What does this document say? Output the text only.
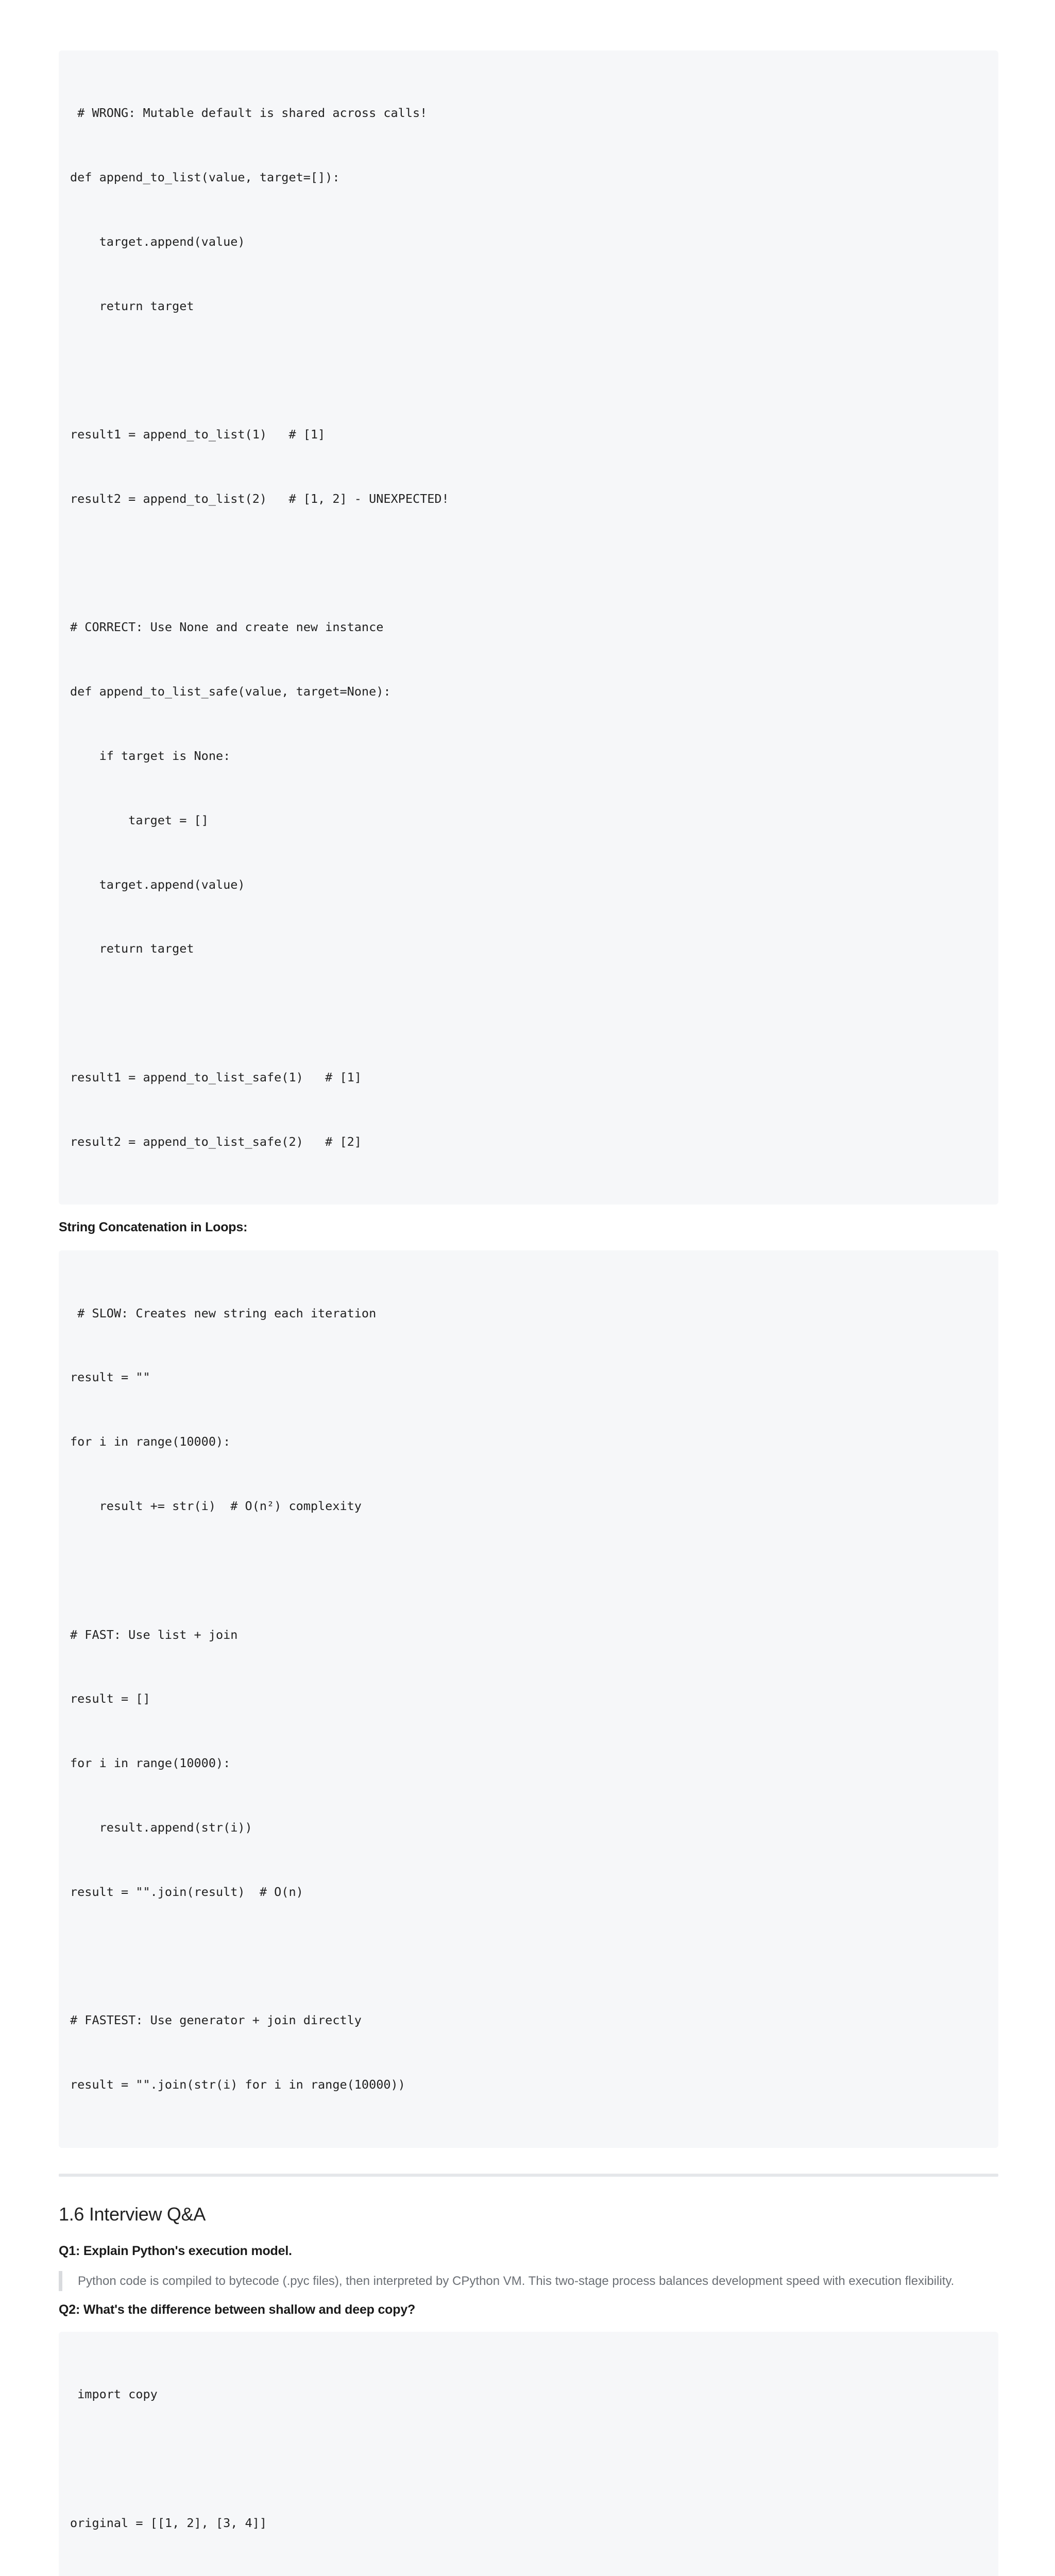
# WRONG: Mutable default is shared across calls!

def append_to_list(value, target=[]):

target.append(value)

return target

result1 = append_to_list(1)   # [1]

result2 = append_to_list(2)   # [1, 2] - UNEXPECTED!

# CORRECT: Use None and create new instance

def append_to_list_safe(value, target=None):

if target is None:

target = []

target.append(value)

return target

result1 = append_to_list_safe(1)   # [1]

result2 = append_to_list_safe(2)   # [2]

String Concatenation in Loops:

# SLOW: Creates new string each iteration

result = ""

for i in range(10000):

result += str(i)  # O(n²) complexity

# FAST: Use list + join

result = []

for i in range(10000):

result.append(str(i))

result = "".join(result)  # O(n)

# FASTEST: Use generator + join directly

result = "".join(str(i) for i in range(10000))

1.6 Interview Q&A
Q1: Explain Python's execution model.
Python code is compiled to bytecode (.pyc files), then interpreted by CPython VM. This two-stage process balances development speed with execution flexibility.
Q2: What's the difference between shallow and deep copy?

import copy

original = [[1, 2], [3, 4]]
